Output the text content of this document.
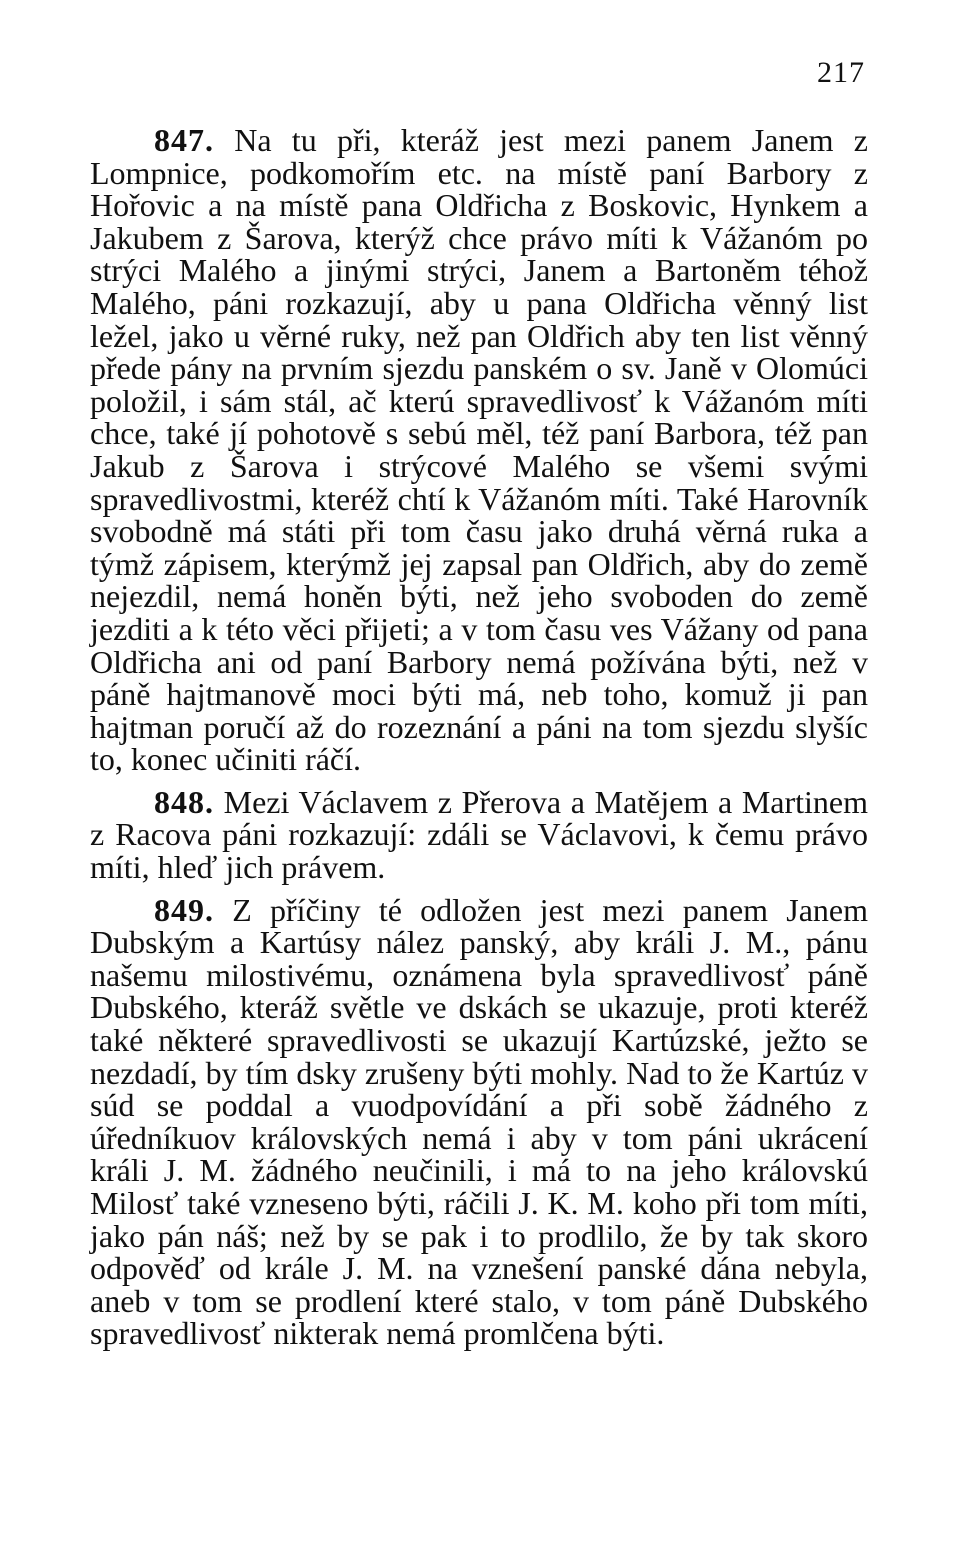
217

847. Na tu při, kteráž jest mezi panem Janem z Lompnice, podkomořím etc. na místě paní Barbory z Hořovic a na místě pana Oldřicha z Boskovic, Hynkem a Jakubem z Šarova, kterýž chce právo míti k Vážanóm po strýci Malého a jinými strýci, Janem a Bartoněm téhož Malého, páni rozkazují, aby u pana Oldřicha věnný list ležel, jako u věrné ruky, než pan Oldřich aby ten list věnný přede pány na prvním sjezdu panském o sv. Janě v Olomúci položil, i sám stál, ač kterú spravedlivosť k Vážanóm míti chce, také jí pohotově s sebú měl, též paní Barbora, též pan Jakub z Šarova i strýcové Malého se všemi svými spravedlivostmi, kteréž chtí k Vážanóm míti. Také Harovník svobodně má státi při tom času jako druhá věrná ruka a týmž zápisem, kterýmž jej zapsal pan Oldřich, aby do země nejezdil, nemá honěn býti, než jeho svoboden do země jezditi a k této věci přijeti; a v tom času ves Vážany od pana Oldřicha ani od paní Barbory nemá požívána býti, než v páně hajtmanově moci býti má, neb toho, komuž ji pan hajtman poručí až do rozeznání a páni na tom sjezdu slyšíc to, konec učiniti ráčí.

848. Mezi Václavem z Přerova a Matějem a Martinem z Racova páni rozkazují: zdáli se Václavovi, k čemu právo míti, hleď jich právem.

849. Z příčiny té odložen jest mezi panem Janem Dubským a Kartúsy nález panský, aby králi J. M., pánu našemu milostivému, oznámena byla spravedlivosť páně Dubského, kteráž světle ve dskách se ukazuje, proti kteréž také některé spravedlivosti se ukazují Kartúzské, ježto se nezdadí, by tím dsky zrušeny býti mohly. Nad to že Kartúz v súd se poddal a vuodpovídání a při sobě žádného z úředníkuov královských nemá i aby v tom páni ukrácení králi J. M. žádného neučinili, i má to na jeho královskú Milosť také vzneseno býti, ráčili J. K. M. koho při tom míti, jako pán náš; než by se pak i to prodlilo, že by tak skoro odpověď od krále J. M. na vznešení panské dána nebyla, aneb v tom se prodlení které stalo, v tom páně Dubského spravedlivosť nikterak nemá promlčena býti.
